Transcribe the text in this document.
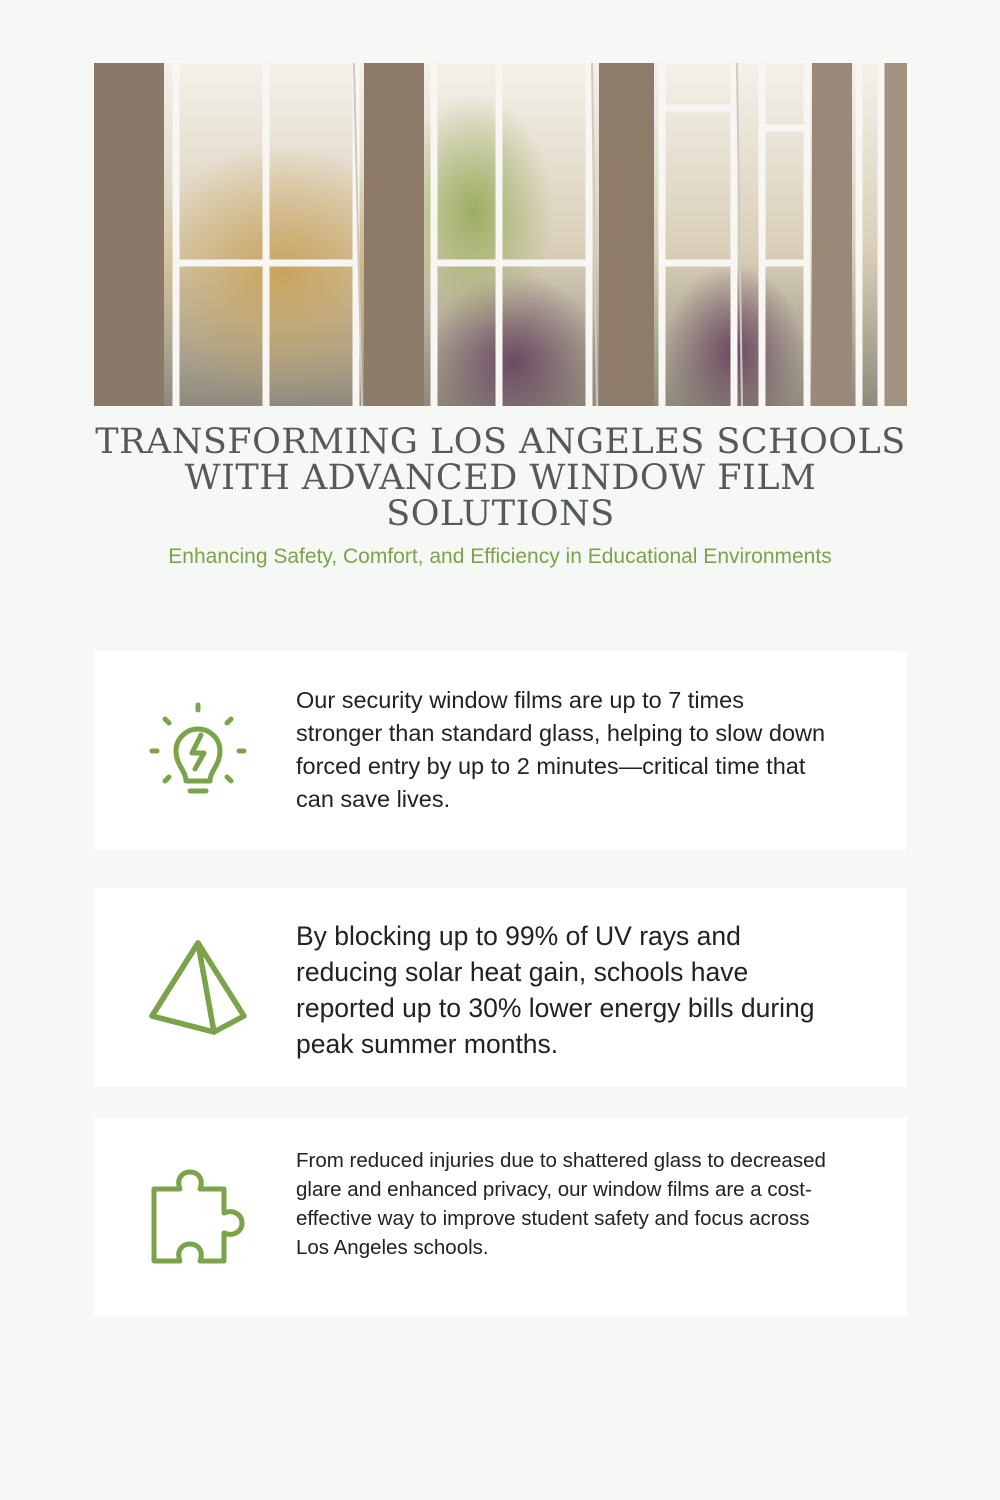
TRANSFORMING LOS ANGELES SCHOOLS WITH ADVANCED WINDOW FILM SOLUTIONS

Enhancing Safety, Comfort, and Efficiency in Educational Environments

Our security window films are up to 7 times stronger than standard glass, helping to slow down forced entry by up to 2 minutes—critical time that can save lives.

By blocking up to 99% of UV rays and reducing solar heat gain, schools have reported up to 30% lower energy bills during peak summer months.

From reduced injuries due to shattered glass to decreased glare and enhanced privacy, our window films are a cost-effective way to improve student safety and focus across Los Angeles schools.
